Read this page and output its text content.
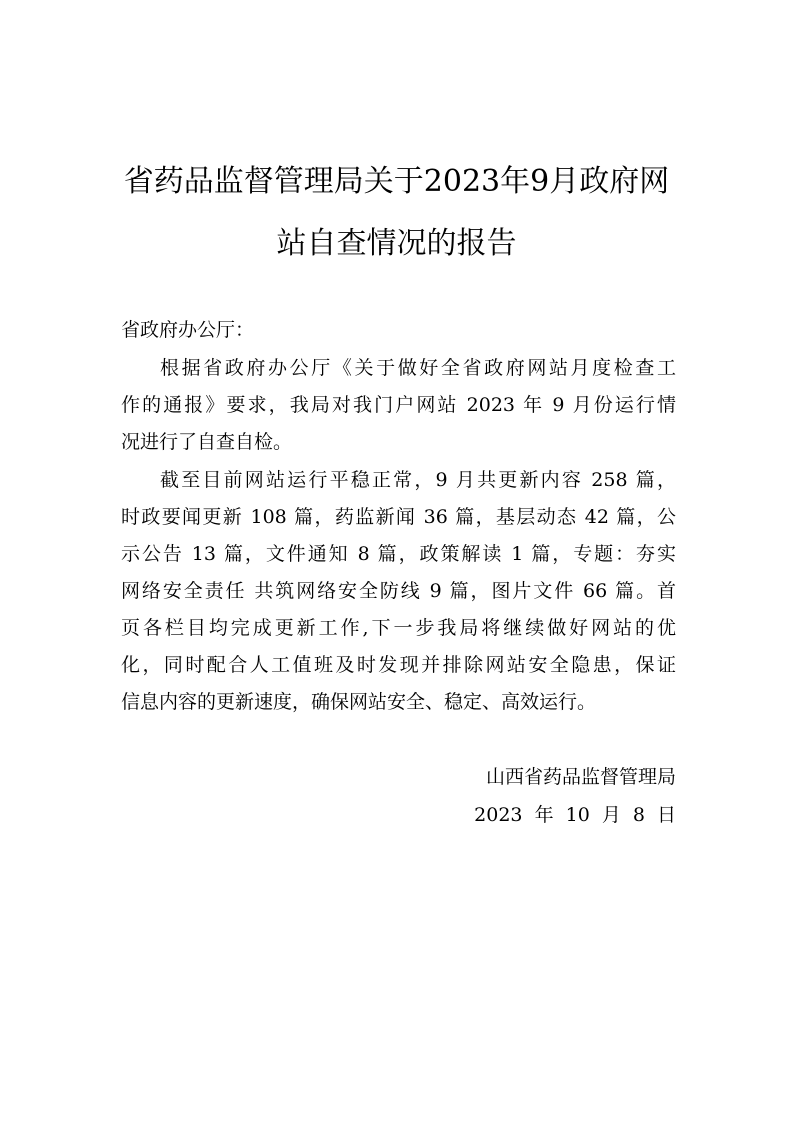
省药品监督管理局关于2023年9月政府网
站自查情况的报告
省政府办公厅：
根据省政府办公厅《关于做好全省政府网站月度检查工
作的通报》要求，我局对我门户网站 2023 年 9 月份运行情
况进行了自查自检。
截至目前网站运行平稳正常，9 月共更新内容 258 篇，
时政要闻更新 108 篇，药监新闻 36 篇，基层动态 42 篇，公
示公告 13 篇，文件通知 8 篇，政策解读 1 篇，专题：夯实
网络安全责任 共筑网络安全防线 9 篇，图片文件 66 篇。首
页各栏目均完成更新工作,下一步我局将继续做好网站的优
化，同时配合人工值班及时发现并排除网站安全隐患，保证
信息内容的更新速度，确保网站安全、稳定、高效运行。
山西省药品监督管理局
2023 年 10 月 8 日
